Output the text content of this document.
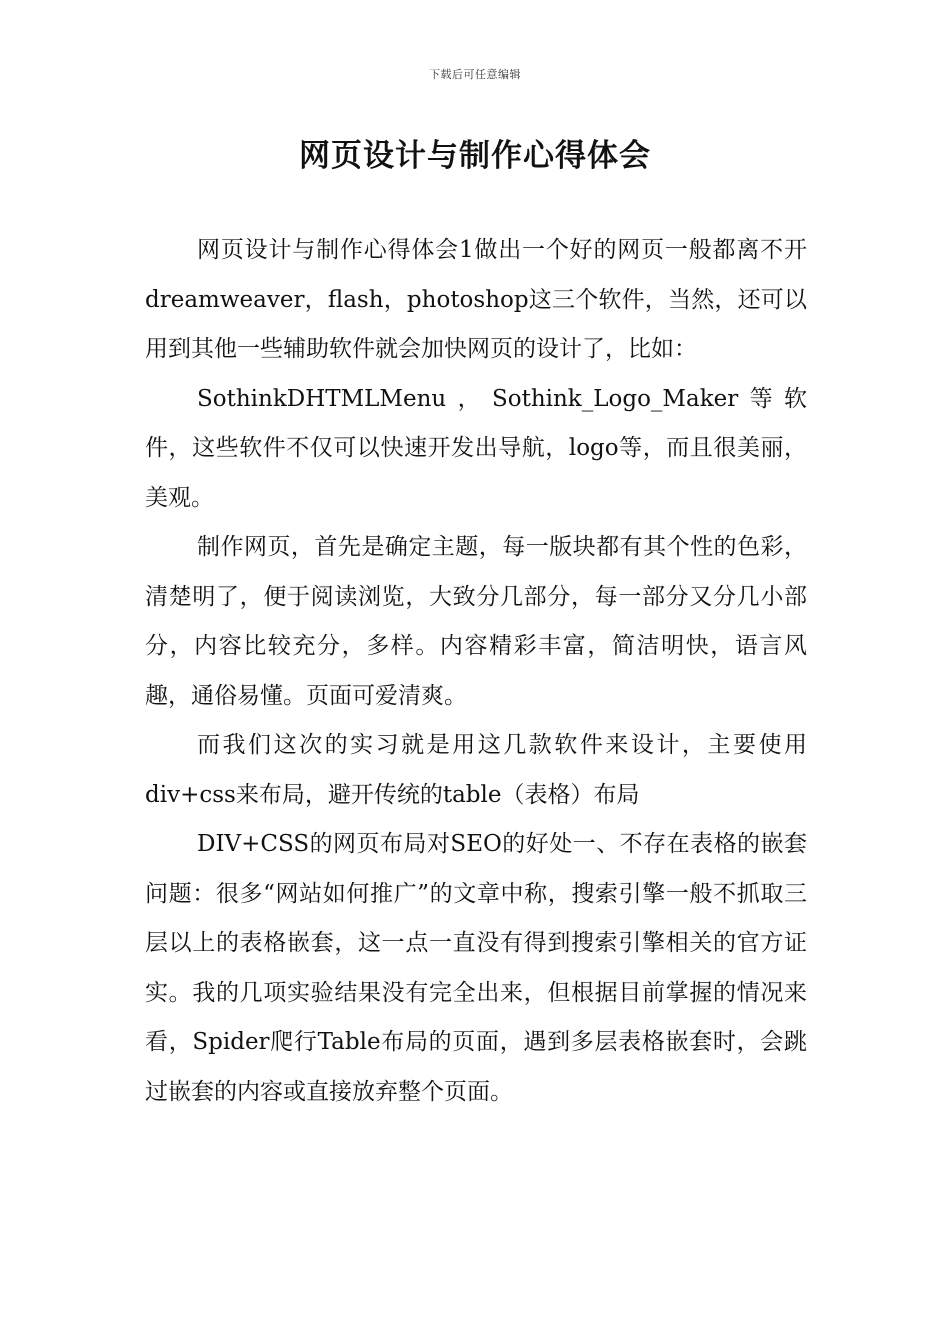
下载后可任意编辑
网页设计与制作心得体会

网页设计与制作心得体会1做出一个好的网页一般都离不开dreamweaver，flash，photoshop这三个软件，当然，还可以用到其他一些辅助软件就会加快网页的设计了，比如：

SothinkDHTMLMenu，Sothink_Logo_Maker等软件，这些软件不仅可以快速开发出导航，logo等，而且很美丽，美观。

制作网页，首先是确定主题，每一版块都有其个性的色彩，清楚明了，便于阅读浏览，大致分几部分，每一部分又分几小部分，内容比较充分，多样。内容精彩丰富，简洁明快，语言风趣，通俗易懂。页面可爱清爽。

而我们这次的实习就是用这几款软件来设计，主要使用div+css来布局，避开传统的table（表格）布局

DIV+CSS的网页布局对SEO的好处一、不存在表格的嵌套问题：很多“网站如何推广”的文章中称，搜索引擎一般不抓取三层以上的表格嵌套，这一点一直没有得到搜索引擎相关的官方证实。我的几项实验结果没有完全出来，但根据目前掌握的情况来看，Spider爬行Table布局的页面，遇到多层表格嵌套时，会跳过嵌套的内容或直接放弃整个页面。
